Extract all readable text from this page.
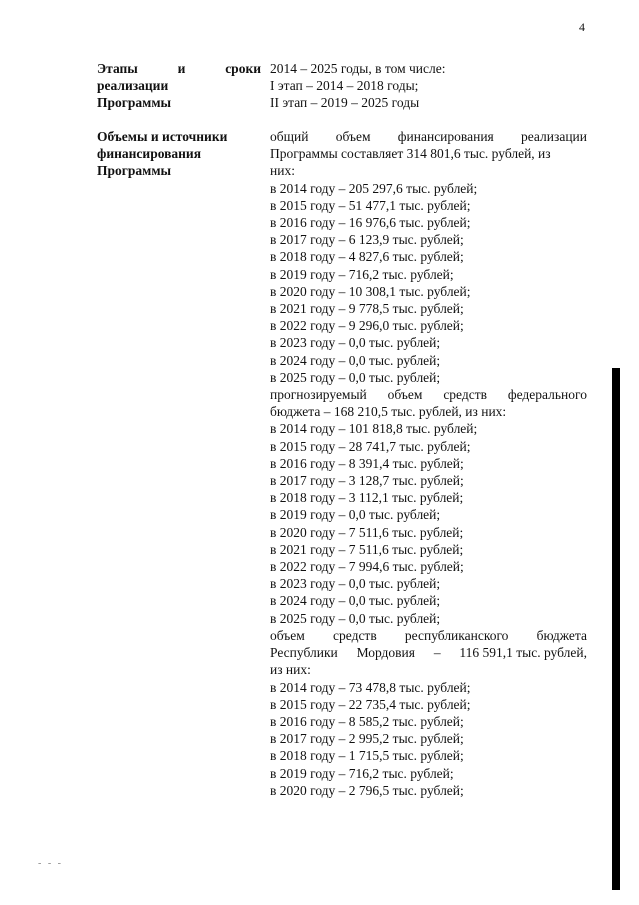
4
Этапы	и	сроки
реализации
Программы
2014 – 2025 годы, в том числе:
I этап – 2014 – 2018 годы;
II этап – 2019 – 2025 годы
Объемы и источники
финансирования
Программы
общий объем финансирования реализации
Программы составляет 314 801,6 тыс. рублей, из
них:
в 2014 году – 205 297,6 тыс. рублей;
в 2015 году – 51 477,1 тыс. рублей;
в 2016 году – 16 976,6 тыс. рублей;
в 2017 году – 6 123,9 тыс. рублей;
в 2018 году – 4 827,6 тыс. рублей;
в 2019 году – 716,2 тыс. рублей;
в 2020 году – 10 308,1 тыс. рублей;
в 2021 году – 9 778,5 тыс. рублей;
в 2022 году – 9 296,0 тыс. рублей;
в 2023 году – 0,0 тыс. рублей;
в 2024 году – 0,0 тыс. рублей;
в 2025 году – 0,0 тыс. рублей;
прогнозируемый объем средств федерального
бюджета – 168 210,5 тыс. рублей, из них:
в 2014 году – 101 818,8 тыс. рублей;
в 2015 году – 28 741,7 тыс. рублей;
в 2016 году – 8 391,4 тыс. рублей;
в 2017 году – 3 128,7 тыс. рублей;
в 2018 году – 3 112,1 тыс. рублей;
в 2019 году – 0,0 тыс. рублей;
в 2020 году – 7 511,6 тыс. рублей;
в 2021 году – 7 511,6 тыс. рублей;
в 2022 году – 7 994,6 тыс. рублей;
в 2023 году – 0,0 тыс. рублей;
в 2024 году – 0,0 тыс. рублей;
в 2025 году – 0,0 тыс. рублей;
объем средств республиканского бюджета
Республики Мордовия – 116 591,1 тыс. рублей,
из них:
в 2014 году – 73 478,8 тыс. рублей;
в 2015 году – 22 735,4 тыс. рублей;
в 2016 году – 8 585,2 тыс. рублей;
в 2017 году – 2 995,2 тыс. рублей;
в 2018 году – 1 715,5 тыс. рублей;
в 2019 году – 716,2 тыс. рублей;
в 2020 году – 2 796,5 тыс. рублей;
- - -
